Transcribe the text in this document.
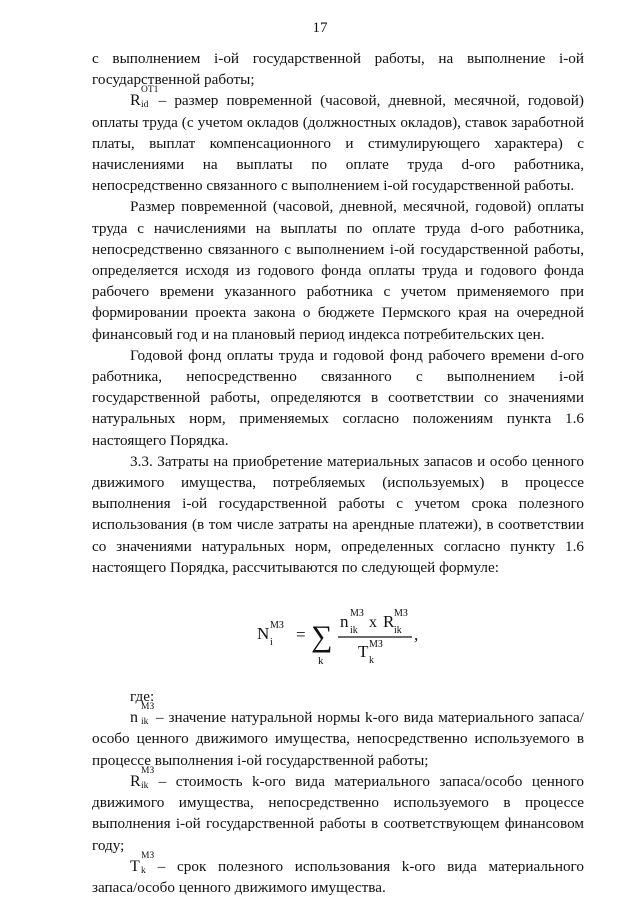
17

с выполнением i-ой государственной работы, на выполнение i-ой государственной работы;

R
ОТ1
id – размер повременной (часовой, дневной, месячной, годовой) оплаты труда (с учетом окладов (должностных окладов), ставок заработной платы, выплат компенсационного и стимулирующего характера) с начислениями на выплаты по оплате труда d-ого работника, непосредственно связанного с выполнением i-ой государственной работы.

Размер повременной (часовой, дневной, месячной, годовой) оплаты труда с начислениями на выплаты по оплате труда d-ого работника, непосредственно связанного с выполнением i-ой государственной работы, определяется исходя из годового фонда оплаты труда и годового фонда рабочего времени указанного работника с учетом применяемого при формировании проекта закона о бюджете Пермского края на очередной финансовый год и на плановый период индекса потребительских цен.

Годовой фонд оплаты труда и годовой фонд рабочего времени d-ого работника, непосредственно связанного с выполнением i-ой государственной работы, определяются в соответствии со значениями натуральных норм, применяемых согласно положениям пункта 1.6 настоящего Порядка.

3.3. Затраты на приобретение материальных запасов и особо ценного движимого имущества, потребляемых (используемых) в процессе выполнения i-ой государственной работы с учетом срока полезного использования (в том числе затраты на арендные платежи), в соответствии со значениями натуральных норм, определенных согласно пункту 1.6 настоящего Порядка, рассчитываются по следующей формуле:

N МЗ
i = ∑
k
n МЗ
ik x R МЗ
ik
T МЗ
k
,
где:

n
МЗ
ik – значение натуральной нормы k-ого вида материального запаса/особо ценного движимого имущества, непосредственно используемого в процессе выполнения i-ой государственной работы;

R
МЗ
ik – стоимость k-ого вида материального запаса/особо ценного движимого имущества, непосредственно используемого в процессе выполнения i-ой государственной работы в соответствующем финансовом году;

T
МЗ
k – срок полезного использования k-ого вида материального запаса/особо ценного движимого имущества.
